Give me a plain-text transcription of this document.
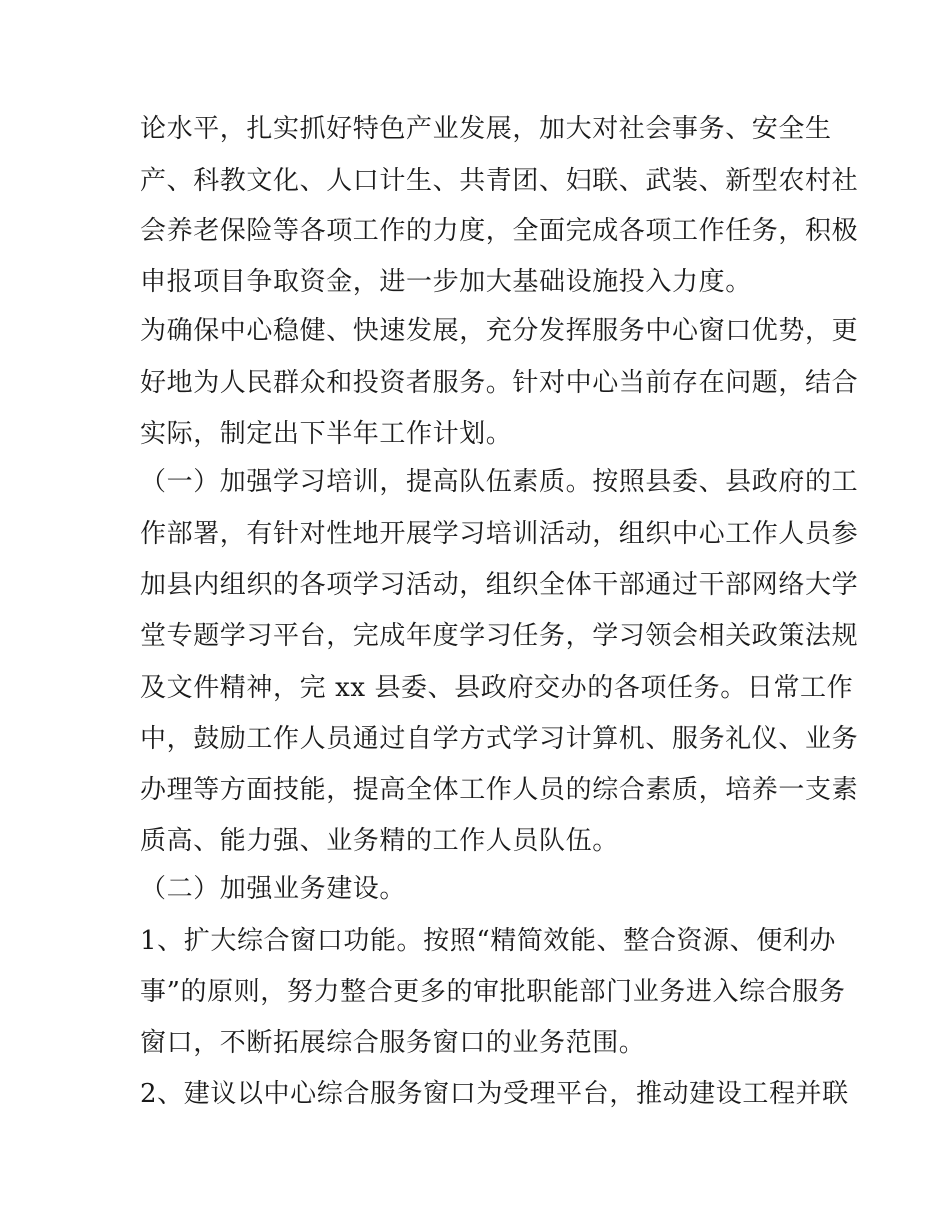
论水平，扎实抓好特色产业发展，加大对社会事务、安全生
产、科教文化、人口计生、共青团、妇联、武装、新型农村社
会养老保险等各项工作的力度，全面完成各项工作任务，积极
申报项目争取资金，进一步加大基础设施投入力度。
为确保中心稳健、快速发展，充分发挥服务中心窗口优势，更
好地为人民群众和投资者服务。针对中心当前存在问题，结合
实际，制定出下半年工作计划。
（一）加强学习培训，提高队伍素质。按照县委、县政府的工
作部署，有针对性地开展学习培训活动，组织中心工作人员参
加县内组织的各项学习活动，组织全体干部通过干部网络大学
堂专题学习平台，完成年度学习任务，学习领会相关政策法规
及文件精神，完 xx 县委、县政府交办的各项任务。日常工作
中，鼓励工作人员通过自学方式学习计算机、服务礼仪、业务
办理等方面技能，提高全体工作人员的综合素质，培养一支素
质高、能力强、业务精的工作人员队伍。
（二）加强业务建设。
1、扩大综合窗口功能。按照“精简效能、整合资源、便利办
事”的原则，努力整合更多的审批职能部门业务进入综合服务
窗口，不断拓展综合服务窗口的业务范围。
2、建议以中心综合服务窗口为受理平台，推动建设工程并联
